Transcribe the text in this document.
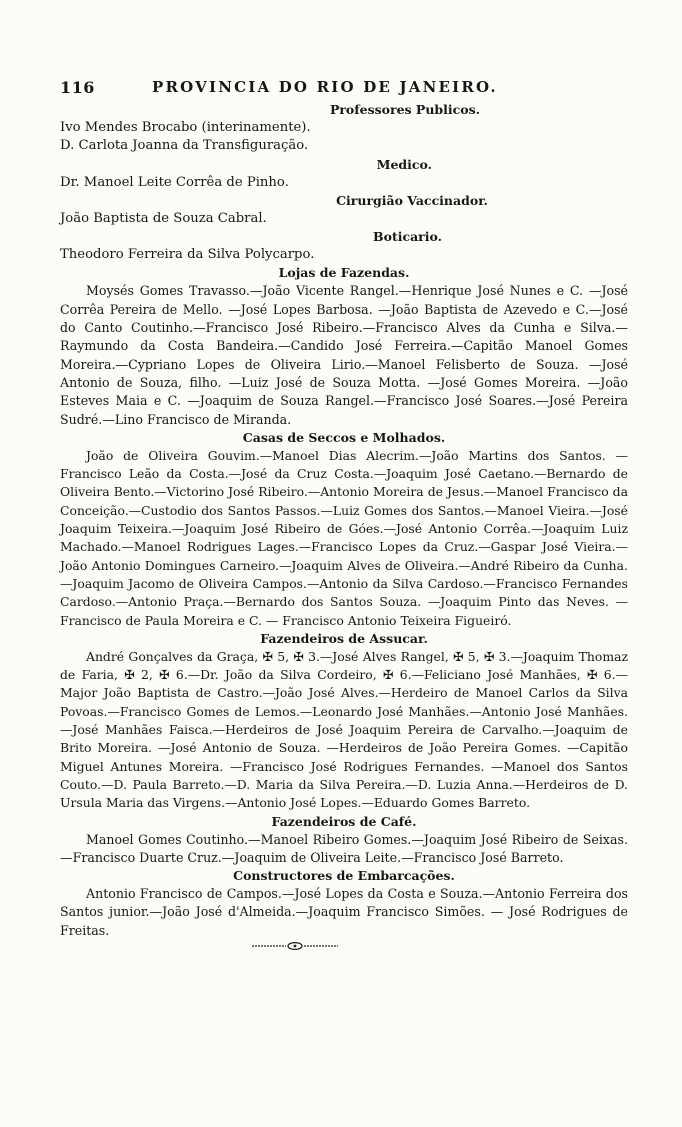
116	PROVINCIA DO RIO DE JANEIRO.

Professores Publicos.

Ivo Mendes Brocabo (interinamente).

D. Carlota Joanna da Transfiguração.

Medico.

Dr. Manoel Leite Corrêa de Pinho.

Cirurgião Vaccinador.

João Baptista de Souza Cabral.

Boticario.

Theodoro Ferreira da Silva Polycarpo.

Lojas de Fazendas.

Moysés Gomes Travasso.—João Vicente Rangel.—Henrique José Nunes e C. —José Corrêa Pereira de Mello. —José Lopes Barbosa. —João Baptista de Azevedo e C.—José do Canto Coutinho.—Francisco José Ribeiro.—Francisco Alves da Cunha e Silva.—Raymundo da Costa Bandeira.—Candido José Ferreira.—Capitão Manoel Gomes Moreira.—Cypriano Lopes de Oliveira Lirio.—Manoel Felisberto de Souza. —José Antonio de Souza, filho. —Luiz José de Souza Motta. —José Gomes Moreira. —João Esteves Maia e C. —Joaquim de Souza Rangel.—Francisco José Soares.—José Pereira Sudré.—Lino Francisco de Miranda.

Casas de Seccos e Molhados.

João de Oliveira Gouvim.—Manoel Dias Alecrim.—João Martins dos Santos. —Francisco Leão da Costa.—José da Cruz Costa.—Joaquim José Caetano.—Bernardo de Oliveira Bento.—Victorino José Ribeiro.—Antonio Moreira de Jesus.—Manoel Francisco da Conceição.—Custodio dos Santos Passos.—Luiz Gomes dos Santos.—Manoel Vieira.—José Joaquim Teixeira.—Joaquim José Ribeiro de Góes.—José Antonio Corrêa.—Joaquim Luiz Machado.—Manoel Rodrigues Lages.—Francisco Lopes da Cruz.—Gaspar José Vieira.—João Antonio Domingues Carneiro.—Joaquim Alves de Oliveira.—André Ribeiro da Cunha.—Joaquim Jacomo de Oliveira Campos.—Antonio da Silva Cardoso.—Francisco Fernandes Cardoso.—Antonio Praça.—Bernardo dos Santos Souza. —Joaquim Pinto das Neves. —Francisco de Paula Moreira e C. — Francisco Antonio Teixeira Figueiró.

Fazendeiros de Assucar.

André Gonçalves da Graça, ✠ 5, ✠ 3.—José Alves Rangel, ✠ 5, ✠ 3.—Joaquim Thomaz de Faria, ✠ 2, ✠ 6.—Dr. João da Silva Cordeiro, ✠ 6.—Feliciano José Manhães, ✠ 6.—Major João Baptista de Castro.—João José Alves.—Herdeiro de Manoel Carlos da Silva Povoas.—Francisco Gomes de Lemos.—Leonardo José Manhães.—Antonio José Manhães. —José Manhães Faisca.—Herdeiros de José Joaquim Pereira de Carvalho.—Joaquim de Brito Moreira. —José Antonio de Souza. —Herdeiros de João Pereira Gomes. —Capitão Miguel Antunes Moreira. —Francisco José Rodrigues Fernandes. —Manoel dos Santos Couto.—D. Paula Barreto.—D. Maria da Silva Pereira.—D. Luzia Anna.—Herdeiros de D. Ursula Maria das Virgens.—Antonio José Lopes.—Eduardo Gomes Barreto.

Fazendeiros de Café.

Manoel Gomes Coutinho.—Manoel Ribeiro Gomes.—Joaquim José Ribeiro de Seixas.—Francisco Duarte Cruz.—Joaquim de Oliveira Leite.—Francisco José Barreto.

Constructores de Embarcações.

Antonio Francisco de Campos.—José Lopes da Costa e Souza.—Antonio Ferreira dos Santos junior.—João José d'Almeida.—Joaquim Francisco Simões. — José Rodrigues de Freitas.
